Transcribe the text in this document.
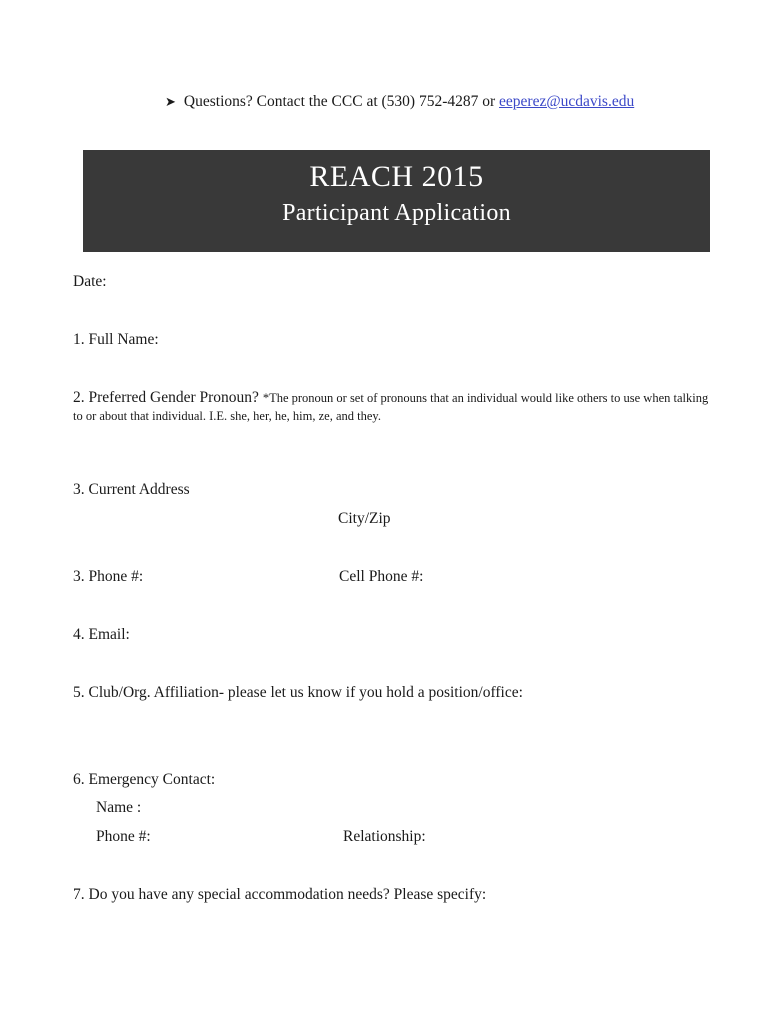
➤ Questions? Contact the CCC at (530) 752-4287 or eeperez@ucdavis.edu
REACH 2015
Participant Application
Date:
1. Full Name:
2. Preferred Gender Pronoun? *The pronoun or set of pronouns that an individual would like others to use when talking to or about that individual. I.E. she, her, he, him, ze, and they.
3. Current Address
City/Zip
3. Phone #:	Cell Phone #:
4. Email:
5. Club/Org. Affiliation- please let us know if you hold a position/office:
6. Emergency Contact:
Name :
Phone #:	Relationship:
7. Do you have any special accommodation needs? Please specify:
